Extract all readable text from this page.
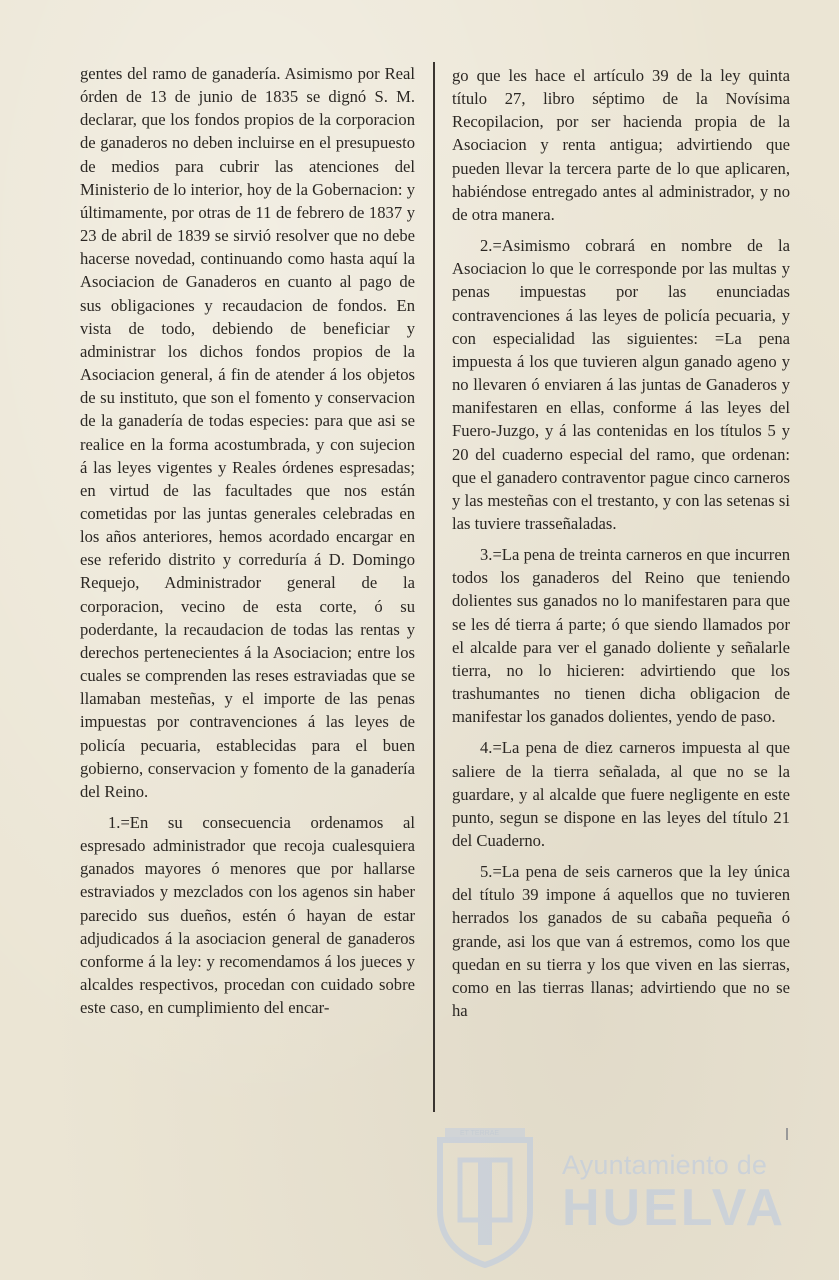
gentes del ramo de ganadería. Asimismo por Real órden de 13 de junio de 1835 se dignó S. M. declarar, que los fondos propios de la corporacion de ganaderos no deben incluirse en el presupuesto de medios para cubrir las atenciones del Ministerio de lo interior, hoy de la Gobernacion: y últimamente, por otras de 11 de febrero de 1837 y 23 de abril de 1839 se sirvió resolver que no debe hacerse novedad, continuando como hasta aquí la Asociacion de Ganaderos en cuanto al pago de sus obligaciones y recaudacion de fondos. En vista de todo, debiendo de beneficiar y administrar los dichos fondos propios de la Asociacion general, á fin de atender á los objetos de su instituto, que son el fomento y conservacion de la ganadería de todas especies: para que asi se realice en la forma acostumbrada, y con sujecion á las leyes vigentes y Reales órdenes espresadas; en virtud de las facultades que nos están cometidas por las juntas generales celebradas en los años anteriores, hemos acordado encargar en ese referido distrito y correduría á D. Domingo Requejo, Administrador general de la corporacion, vecino de esta corte, ó su poderdante, la recaudacion de todas las rentas y derechos pertenecientes á la Asociacion; entre los cuales se comprenden las reses estraviadas que se llamaban mesteñas, y el importe de las penas impuestas por contravenciones á las leyes de policía pecuaria, establecidas para el buen gobierno, conservacion y fomento de la ganadería del Reino.

1.=En su consecuencia ordenamos al espresado administrador que recoja cualesquiera ganados mayores ó menores que por hallarse estraviados y mezclados con los agenos sin haber parecido sus dueños, estén ó hayan de estar adjudicados á la asociacion general de ganaderos conforme á la ley: y recomendamos á los jueces y alcaldes respectivos, procedan con cuidado sobre este caso, en cumplimiento del encar-

go que les hace el artículo 39 de la ley quinta título 27, libro séptimo de la Novísima Recopilacion, por ser hacienda propia de la Asociacion y renta antigua; advirtiendo que pueden llevar la tercera parte de lo que aplicaren, habiéndose entregado antes al administrador, y no de otra manera.

2.=Asimismo cobrará en nombre de la Asociacion lo que le corresponde por las multas y penas impuestas por las enunciadas contravenciones á las leyes de policía pecuaria, y con especialidad las siguientes: =La pena impuesta á los que tuvieren algun ganado ageno y no llevaren ó enviaren á las juntas de Ganaderos y manifestaren en ellas, conforme á las leyes del Fuero-Juzgo, y á las contenidas en los títulos 5 y 20 del cuaderno especial del ramo, que ordenan: que el ganadero contraventor pague cinco carneros y las mesteñas con el trestanto, y con las setenas si las tuviere trasseñaladas.

3.=La pena de treinta carneros en que incurren todos los ganaderos del Reino que teniendo dolientes sus ganados no lo manifestaren para que se les dé tierra á parte; ó que siendo llamados por el alcalde para ver el ganado doliente y señalarle tierra, no lo hicieren: advirtiendo que los trashumantes no tienen dicha obligacion de manifestar los ganados dolientes, yendo de paso.

4.=La pena de diez carneros impuesta al que saliere de la tierra señalada, al que no se la guardare, y al alcalde que fuere negligente en este punto, segun se dispone en las leyes del título 21 del Cuaderno.

5.=La pena de seis carneros que la ley única del título 39 impone á aquellos que no tuvieren herrados los ganados de su cabaña pequeña ó grande, asi los que van á estremos, como los que quedan en su tierra y los que viven en las sierras, como en las tierras llanas; advirtiendo que no se ha

ET TERRAE
Ayuntamiento de
HUELVA
